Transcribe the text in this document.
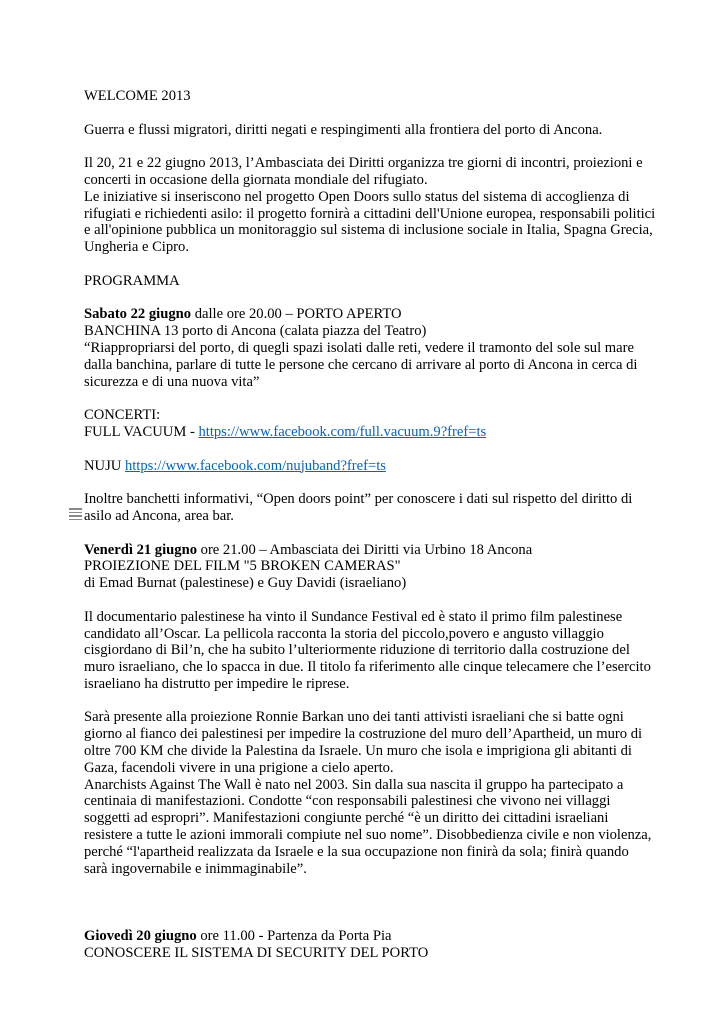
WELCOME 2013

Guerra e flussi migratori, diritti negati e respingimenti alla frontiera del porto di Ancona.

Il 20, 21 e 22 giugno 2013, l’Ambasciata dei Diritti organizza tre giorni di incontri, proiezioni e
concerti in occasione della giornata mondiale del rifugiato.
Le iniziative si inseriscono nel progetto Open Doors sullo status del sistema di accoglienza di
rifugiati e richiedenti asilo: il progetto fornirà a cittadini dell'Unione europea, responsabili politici
e all'opinione pubblica un monitoraggio sul sistema di inclusione sociale in Italia, Spagna Grecia,
Ungheria e Cipro.

PROGRAMMA

Sabato 22 giugno dalle ore 20.00 – PORTO APERTO
BANCHINA 13 porto di Ancona (calata piazza del Teatro)
“Riappropriarsi del porto, di quegli spazi isolati dalle reti, vedere il tramonto del sole sul mare
dalla banchina, parlare di tutte le persone che cercano di arrivare al porto di Ancona in cerca di
sicurezza e di una nuova vita”

CONCERTI:
FULL VACUUM - https://www.facebook.com/full.vacuum.9?fref=ts

NUJU https://www.facebook.com/nujuband?fref=ts

Inoltre banchetti informativi, “Open doors point” per conoscere i dati sul rispetto del diritto di
asilo ad Ancona, area bar.

Venerdì 21 giugno ore 21.00 – Ambasciata dei Diritti via Urbino 18 Ancona
PROIEZIONE DEL FILM "5 BROKEN CAMERAS"
di Emad Burnat (palestinese) e Guy Davidi (israeliano)

Il documentario palestinese ha vinto il Sundance Festival ed è stato il primo film palestinese
candidato all’Oscar. La pellicola racconta la storia del piccolo,povero e angusto villaggio
cisgiordano di Bil’n, che ha subito l’ulteriormente riduzione di territorio dalla costruzione del
muro israeliano, che lo spacca in due. Il titolo fa riferimento alle cinque telecamere che l’esercito
israeliano ha distrutto per impedire le riprese.

Sarà presente alla proiezione Ronnie Barkan uno dei tanti attivisti israeliani che si batte ogni
giorno al fianco dei palestinesi per impedire la costruzione del muro dell’Apartheid, un muro di
oltre 700 KM che divide la Palestina da Israele. Un muro che isola e imprigiona gli abitanti di
Gaza, facendoli vivere in una prigione a cielo aperto.
Anarchists Against The Wall è nato nel 2003. Sin dalla sua nascita il gruppo ha partecipato a
centinaia di manifestazioni. Condotte “con responsabili palestinesi che vivono nei villaggi
soggetti ad espropri”. Manifestazioni congiunte perché “è un diritto dei cittadini israeliani
resistere a tutte le azioni immorali compiute nel suo nome”. Disobbedienza civile e non violenza,
perché “l'apartheid realizzata da Israele e la sua occupazione non finirà da sola; finirà quando
sarà ingovernabile e inimmaginabile”.

Giovedì 20 giugno ore 11.00 - Partenza da Porta Pia
CONOSCERE IL SISTEMA DI SECURITY DEL PORTO
